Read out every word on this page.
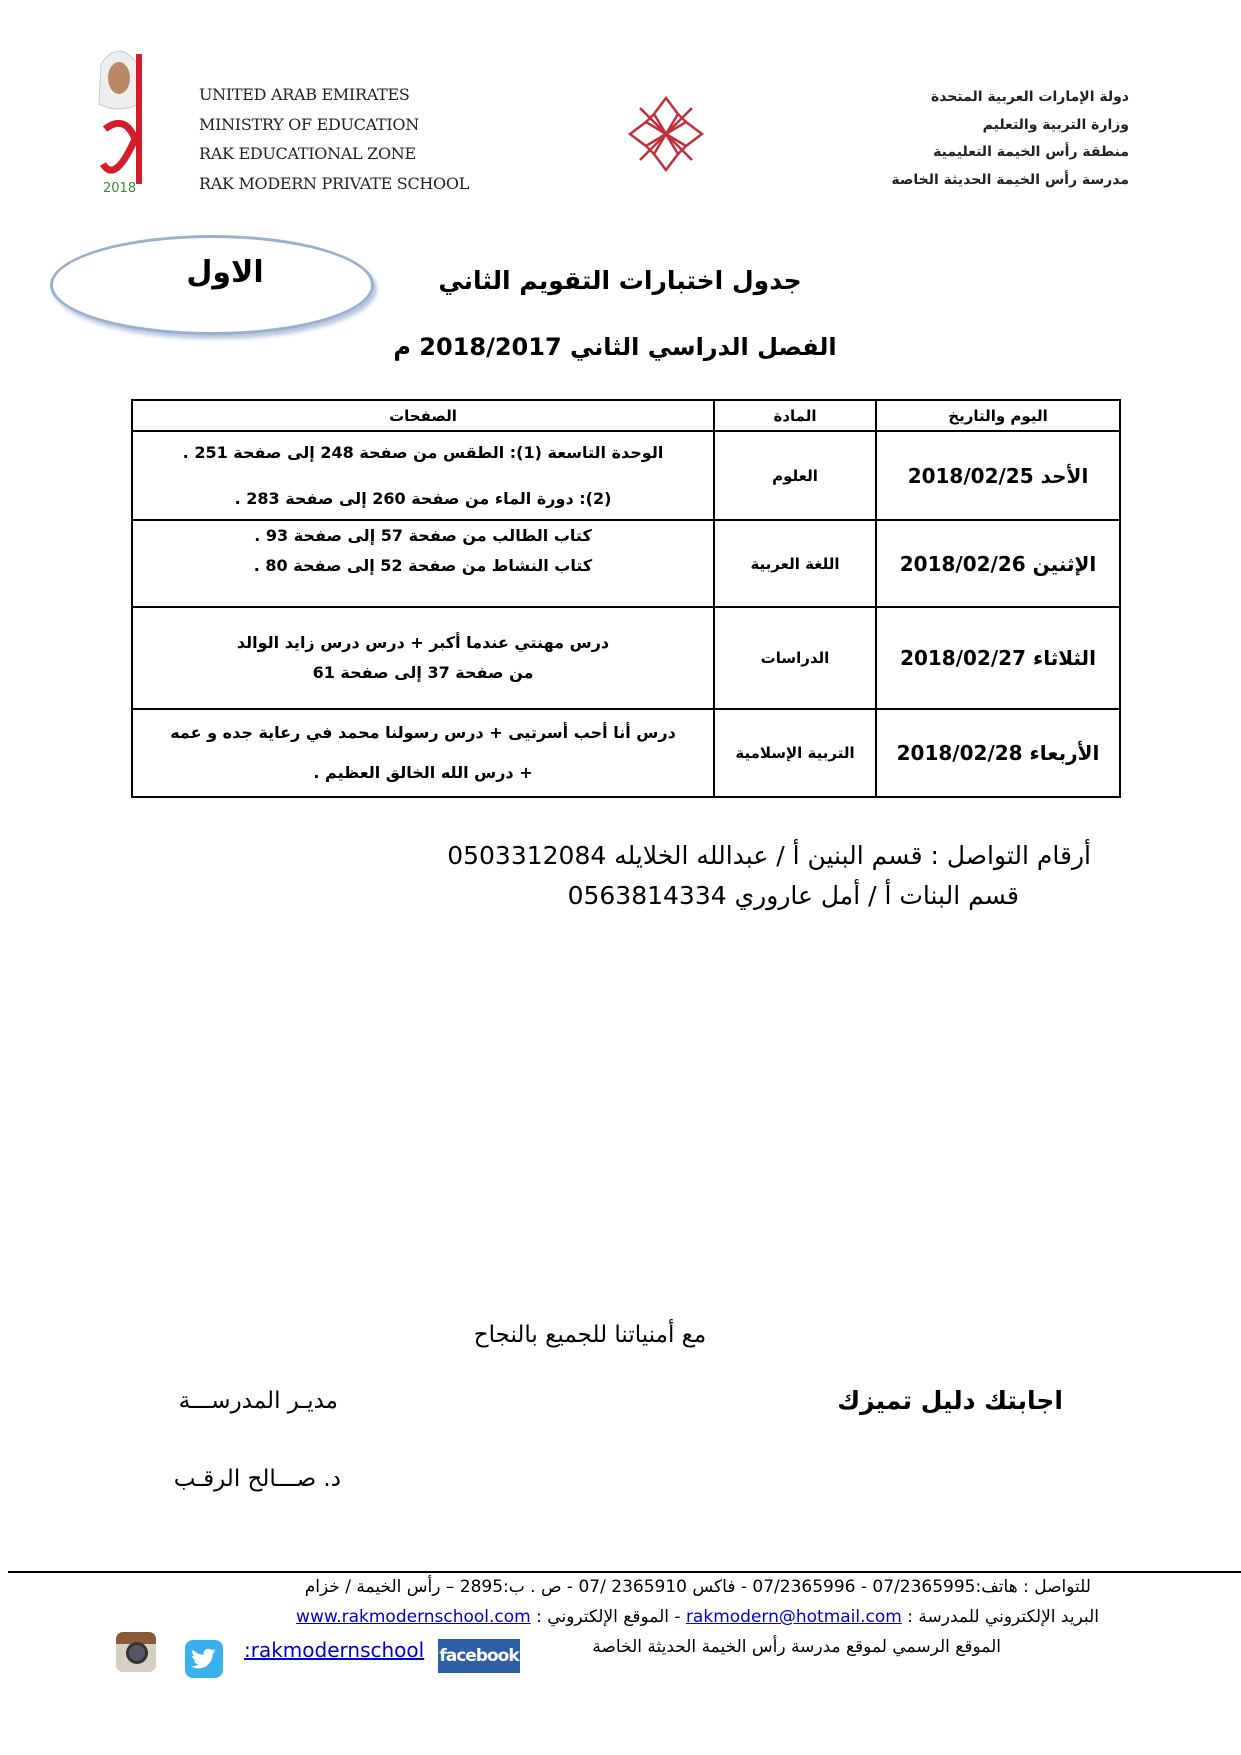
2018
UNITED ARAB EMIRATES
MINISTRY OF EDUCATION
RAK EDUCATIONAL ZONE
RAK MODERN PRIVATE SCHOOL
دولة الإمارات العربية المتحدة
وزارة التربية والتعليم
منطقة رأس الخيمة التعليمية
مدرسة رأس الخيمة الحديثة الخاصة
الاول	جدول اختبارات التقويم الثاني
الفصل الدراسي الثاني 2018/2017 م
اليوم والتاريخ	المادة	الصفحات
الأحد 2018/02/25	العلوم	الوحدة التاسعة (1): الطقس من صفحة 248 إلى صفحة 251 .
(2): دورة الماء من صفحة 260 إلى صفحة 283 .

الإثنين 2018/02/26	اللغة العربية	كتاب الطالب من صفحة 57 إلى صفحة 93 .
كتاب النشاط من صفحة 52 إلى صفحة 80 .

الثلاثاء 2018/02/27	الدراسات	درس مهنتي عندما أكبر + درس درس زايد الوالد
من صفحة 37 إلى صفحة 61

الأربعاء 2018/02/28	التربية الإسلامية	درس أنا أحب أسرتيى + درس رسولنا محمد في رعاية جده و عمه
+ درس الله الخالق العظيم .
أرقام التواصل : قسم البنين أ / عبدالله الخلايله 0503312084
قسم البنات أ / أمل عاروري 0563814334
مع أمنياتنا للجميع بالنجاح
اجابتك دليل تميزك
مديـر المدرســـة
د. صـــالح الرقـب
للتواصل : هاتف:07/2365995 - 07/2365996 - فاكس 2365910 /07 - ص . ب:2895 – رأس الخيمة / خزام
البريد الإلكتروني للمدرسة : rakmodern@hotmail.com - الموقع الإلكتروني : www.rakmodernschool.com
الموقع الرسمي لموقع مدرسة رأس الخيمة الحديثة الخاصة
facebook
:rakmodernschool
